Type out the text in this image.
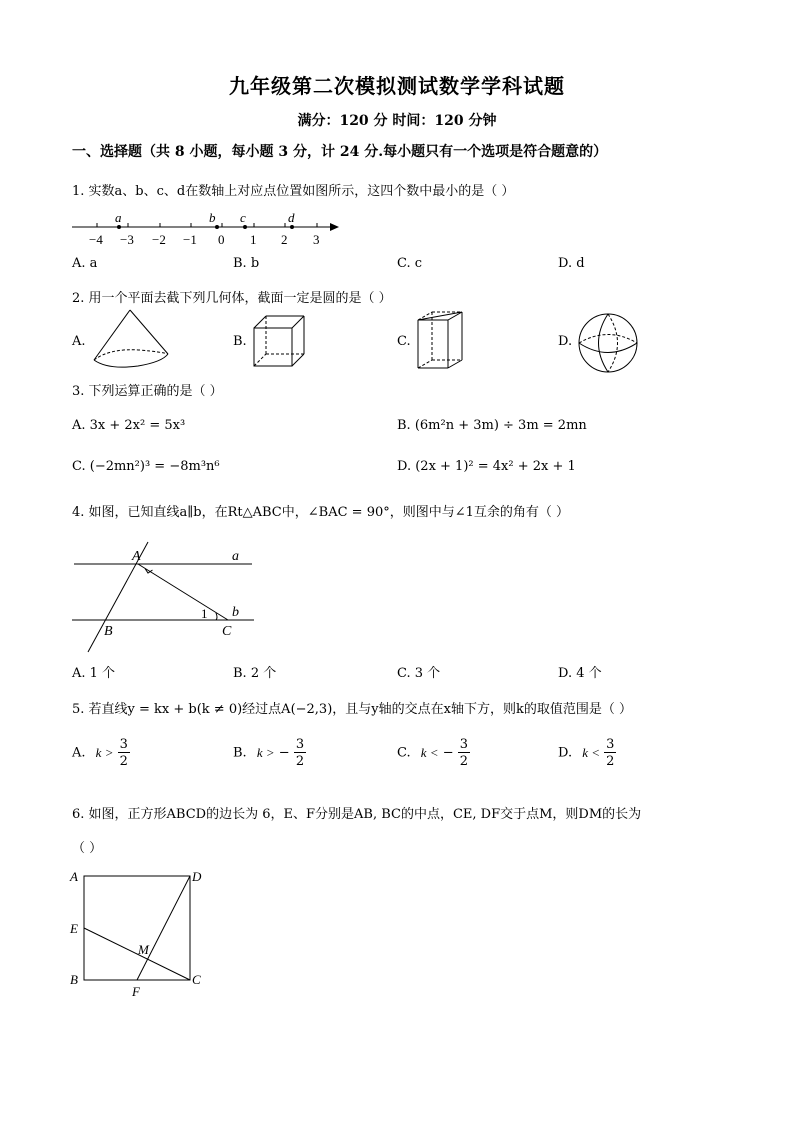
九年级第二次模拟测试数学学科试题
满分：120 分 时间：120 分钟
一、选择题（共 8 小题，每小题 3 分，计 24 分.每小题只有一个选项是符合题意的）
1. 实数a、b、c、d在数轴上对应点位置如图所示，这四个数中最小的是（ ）
−4 −3 −2 −1 0 1 2 3
a	b c	d
A. a	B. b	C. c	D. d
2. 用一个平面去截下列几何体，截面一定是圆的是（ ）
A.	B.	C.	D.
3. 下列运算正确的是（ ）
A. 3x + 2x² = 5x³	B. (6m²n + 3m) ÷ 3m = 2mn
C. (−2mn²)³ = −8m³n⁶	D. (2x + 1)² = 4x² + 2x + 1
4. 如图，已知直线a∥b，在Rt△ABC中，∠BAC = 90°，则图中与∠1互余的角有（ ）
A	a
1 b
B	C
A. 1 个	B. 2 个	C. 3 个	D. 4 个
5. 若直线y = kx + b(k ≠ 0)经过点A(−2,3)，且与y轴的交点在x轴下方，则k的取值范围是（ ）
A. $k > \frac{3}{2}$	B. k > − $\frac{3}{2}$	C. k < − $\frac{3}{2}$	D. $k < \frac{3}{2}$
6. 如图，正方形ABCD的边长为 6，E、F分别是AB, BC的中点，CE, DF交于点M，则DM的长为
（ ）
A	D
E
M
B
F
C
